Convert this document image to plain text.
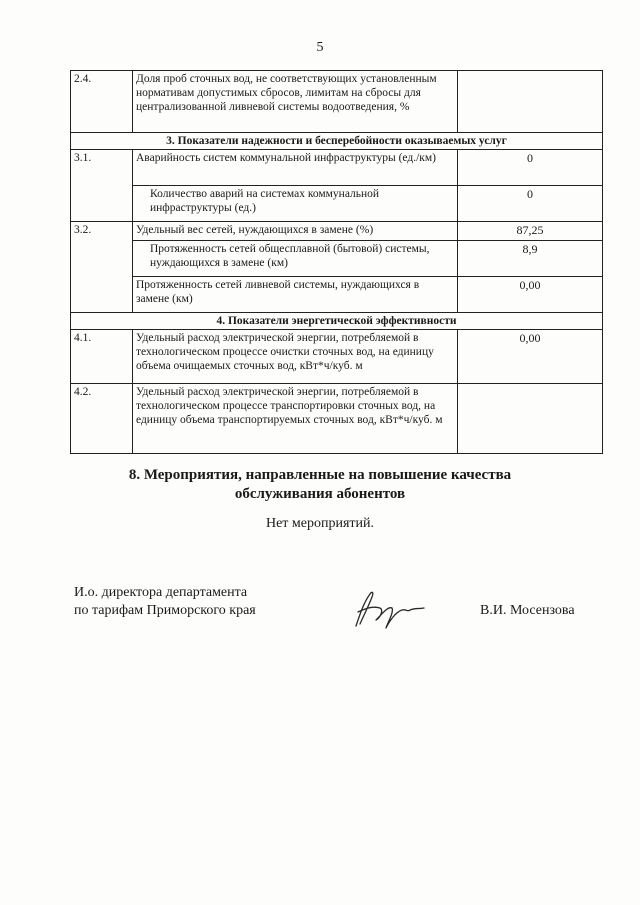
5
2.4.	Доля проб сточных вод, не соответствующих установленным нормативам допустимых сбросов, лимитам на сбросы для централизованной ливневой системы водоотведения, %	

3. Показатели надежности и бесперебойности оказываемых услуг		
3.1.	Аварийность систем коммунальной инфраструктуры (ед./км)	0

	Количество аварий на системах коммунальной инфраструктуры (ед.)	0
3.2.	Удельный вес сетей, нуждающихся в замене (%)	87,25

	Протяженность сетей общесплавной (бытовой) системы, нуждающихся в замене (км)	8,9

	Протяженность сетей ливневой системы, нуждающихся в замене (км)	0,00
4. Показатели энергетической эффективности		
4.1.	Удельный расход электрической энергии, потребляемой в технологическом процессе очистки сточных вод, на единицу объема очищаемых сточных вод, кВт*ч/куб. м	0,00
4.2.	Удельный расход электрической энергии, потребляемой в технологическом процессе транспортировки сточных вод, на единицу объема транспортируемых сточных вод, кВт*ч/куб. м	

8. Мероприятия, направленные на повышение качества
обслуживания абонентов
Нет мероприятий.
И.о. директора департамента
по тарифам Приморского края	В.И. Мосензова
